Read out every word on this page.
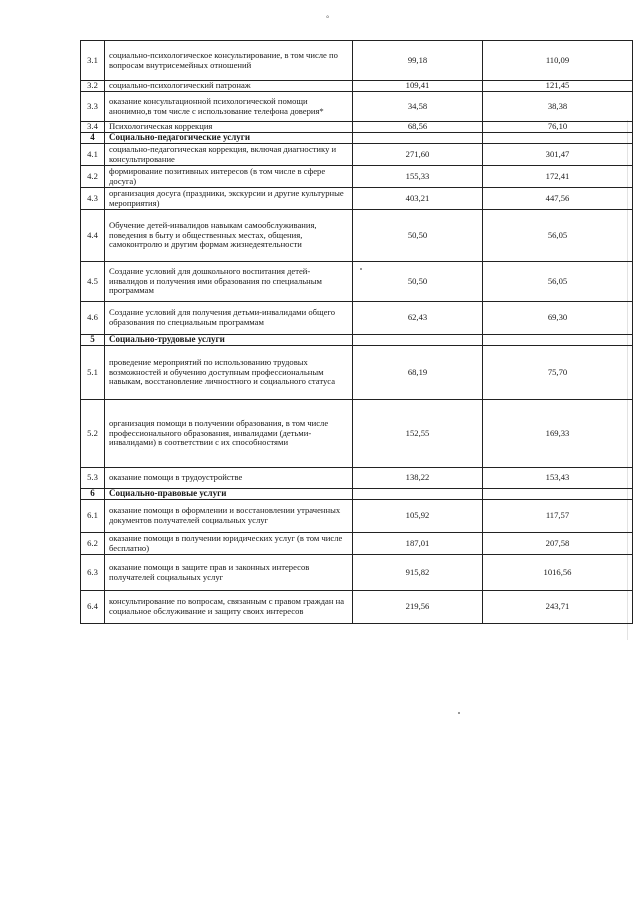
°
3.1	социально-психологическое консультирование, в том числе по вопросам внутрисемейных отношений	99,18	110,09
3.2	социально-психологический патронаж	109,41	121,45
3.3	оказание консультационной психологической помощи анонимно,в том числе с использование телефона доверия*	34,58	38,38
3.4	Психологическая коррекция	68,56	76,10
4	Социально-педагогические услуги		
4.1	социально-педагогическая коррекция, включая диагностику и консультирование	271,60	301,47
4.2	формирование позитивных интересов (в том числе в сфере досуга)	155,33	172,41
4.3	организация досуга (праздники, экскурсии и другие культурные мероприятия)	403,21	447,56
4.4	Обучение детей-инвалидов навыкам самообслуживания, поведения в быту и общественных местах, общения, самоконтролю и другим формам жизнедеятельности	50,50	56,05
4.5	Создание условий для дошкольного воспитания детей-инвалидов и получения ими образования по специальным программам	50,50	56,05
4.6	Создание условий для получения детьми-инвалидами общего образования по специальным программам	62,43	69,30
5	Социально-трудовые услуги		
5.1	проведение мероприятий по использованию трудовых возможностей и обучению доступным профессиональным навыкам, восстановление личностного и социального статуса	68,19	75,70
5.2	организация помощи в получении образования, в том числе профессионального образования, инвалидами (детьми-инвалидами) в соответствии с их способностями	152,55	169,33
5.3	оказание помощи в трудоустройстве	138,22	153,43
6	Социально-правовые услуги		
6.1	оказание помощи в оформлении и восстановлении утраченных документов получателей социальных услуг	105,92	117,57
6.2	оказание помощи в получении юридических услуг (в том числе бесплатно)	187,01	207,58
6.3	оказание помощи в защите прав и законных интересов получателей социальных услуг	915,82	1016,56
6.4	консультирование по вопросам, связанным с правом граждан на социальное обслуживание и защиту своих интересов	219,56	243,71
